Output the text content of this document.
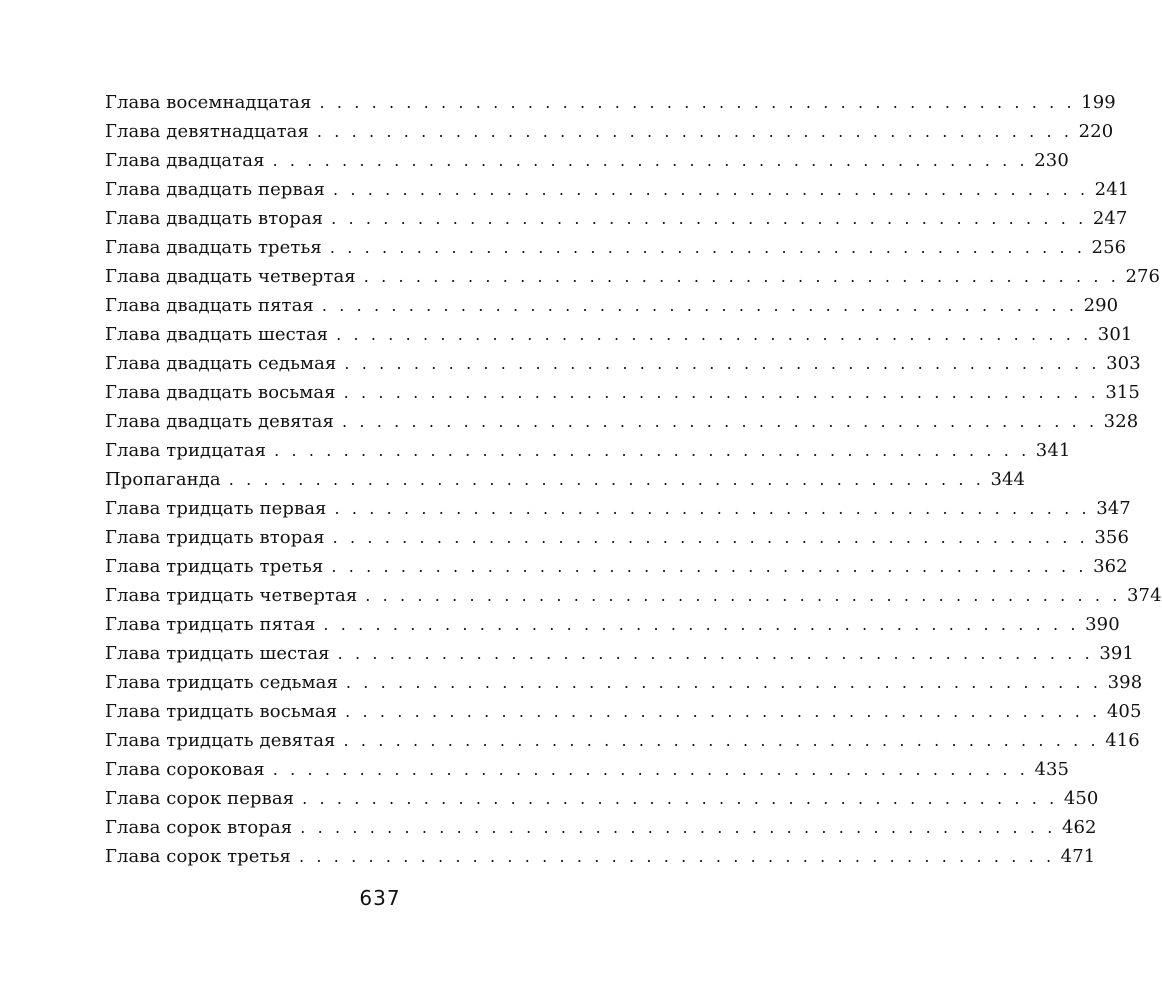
Глава восемнадцатая . . . . . . . . . . . . . . . . . . . . . . . . . . . . . . . . . . . . . . . . . . . . 199
Глава девятнадцатая . . . . . . . . . . . . . . . . . . . . . . . . . . . . . . . . . . . . . . . . . . . . 220
Глава двадцатая . . . . . . . . . . . . . . . . . . . . . . . . . . . . . . . . . . . . . . . . . . . . 230
Глава двадцать первая . . . . . . . . . . . . . . . . . . . . . . . . . . . . . . . . . . . . . . . . . . . . 241
Глава двадцать вторая . . . . . . . . . . . . . . . . . . . . . . . . . . . . . . . . . . . . . . . . . . . . 247
Глава двадцать третья . . . . . . . . . . . . . . . . . . . . . . . . . . . . . . . . . . . . . . . . . . . . 256
Глава двадцать четвертая . . . . . . . . . . . . . . . . . . . . . . . . . . . . . . . . . . . . . . . . . . . . 276
Глава двадцать пятая . . . . . . . . . . . . . . . . . . . . . . . . . . . . . . . . . . . . . . . . . . . . 290
Глава двадцать шестая . . . . . . . . . . . . . . . . . . . . . . . . . . . . . . . . . . . . . . . . . . . . 301
Глава двадцать седьмая . . . . . . . . . . . . . . . . . . . . . . . . . . . . . . . . . . . . . . . . . . . . 303
Глава двадцать восьмая . . . . . . . . . . . . . . . . . . . . . . . . . . . . . . . . . . . . . . . . . . . . 315
Глава двадцать девятая . . . . . . . . . . . . . . . . . . . . . . . . . . . . . . . . . . . . . . . . . . . . 328
Глава тридцатая . . . . . . . . . . . . . . . . . . . . . . . . . . . . . . . . . . . . . . . . . . . . 341
Пропаганда . . . . . . . . . . . . . . . . . . . . . . . . . . . . . . . . . . . . . . . . . . . . 344
Глава тридцать первая . . . . . . . . . . . . . . . . . . . . . . . . . . . . . . . . . . . . . . . . . . . . 347
Глава тридцать вторая . . . . . . . . . . . . . . . . . . . . . . . . . . . . . . . . . . . . . . . . . . . . 356
Глава тридцать третья . . . . . . . . . . . . . . . . . . . . . . . . . . . . . . . . . . . . . . . . . . . . 362
Глава тридцать четвертая . . . . . . . . . . . . . . . . . . . . . . . . . . . . . . . . . . . . . . . . . . . . 374
Глава тридцать пятая . . . . . . . . . . . . . . . . . . . . . . . . . . . . . . . . . . . . . . . . . . . . 390
Глава тридцать шестая . . . . . . . . . . . . . . . . . . . . . . . . . . . . . . . . . . . . . . . . . . . . 391
Глава тридцать седьмая . . . . . . . . . . . . . . . . . . . . . . . . . . . . . . . . . . . . . . . . . . . . 398
Глава тридцать восьмая . . . . . . . . . . . . . . . . . . . . . . . . . . . . . . . . . . . . . . . . . . . . 405
Глава тридцать девятая . . . . . . . . . . . . . . . . . . . . . . . . . . . . . . . . . . . . . . . . . . . . 416
Глава сороковая . . . . . . . . . . . . . . . . . . . . . . . . . . . . . . . . . . . . . . . . . . . . 435
Глава сорок первая . . . . . . . . . . . . . . . . . . . . . . . . . . . . . . . . . . . . . . . . . . . . 450
Глава сорок вторая . . . . . . . . . . . . . . . . . . . . . . . . . . . . . . . . . . . . . . . . . . . . 462
Глава сорок третья . . . . . . . . . . . . . . . . . . . . . . . . . . . . . . . . . . . . . . . . . . . . 471
637
